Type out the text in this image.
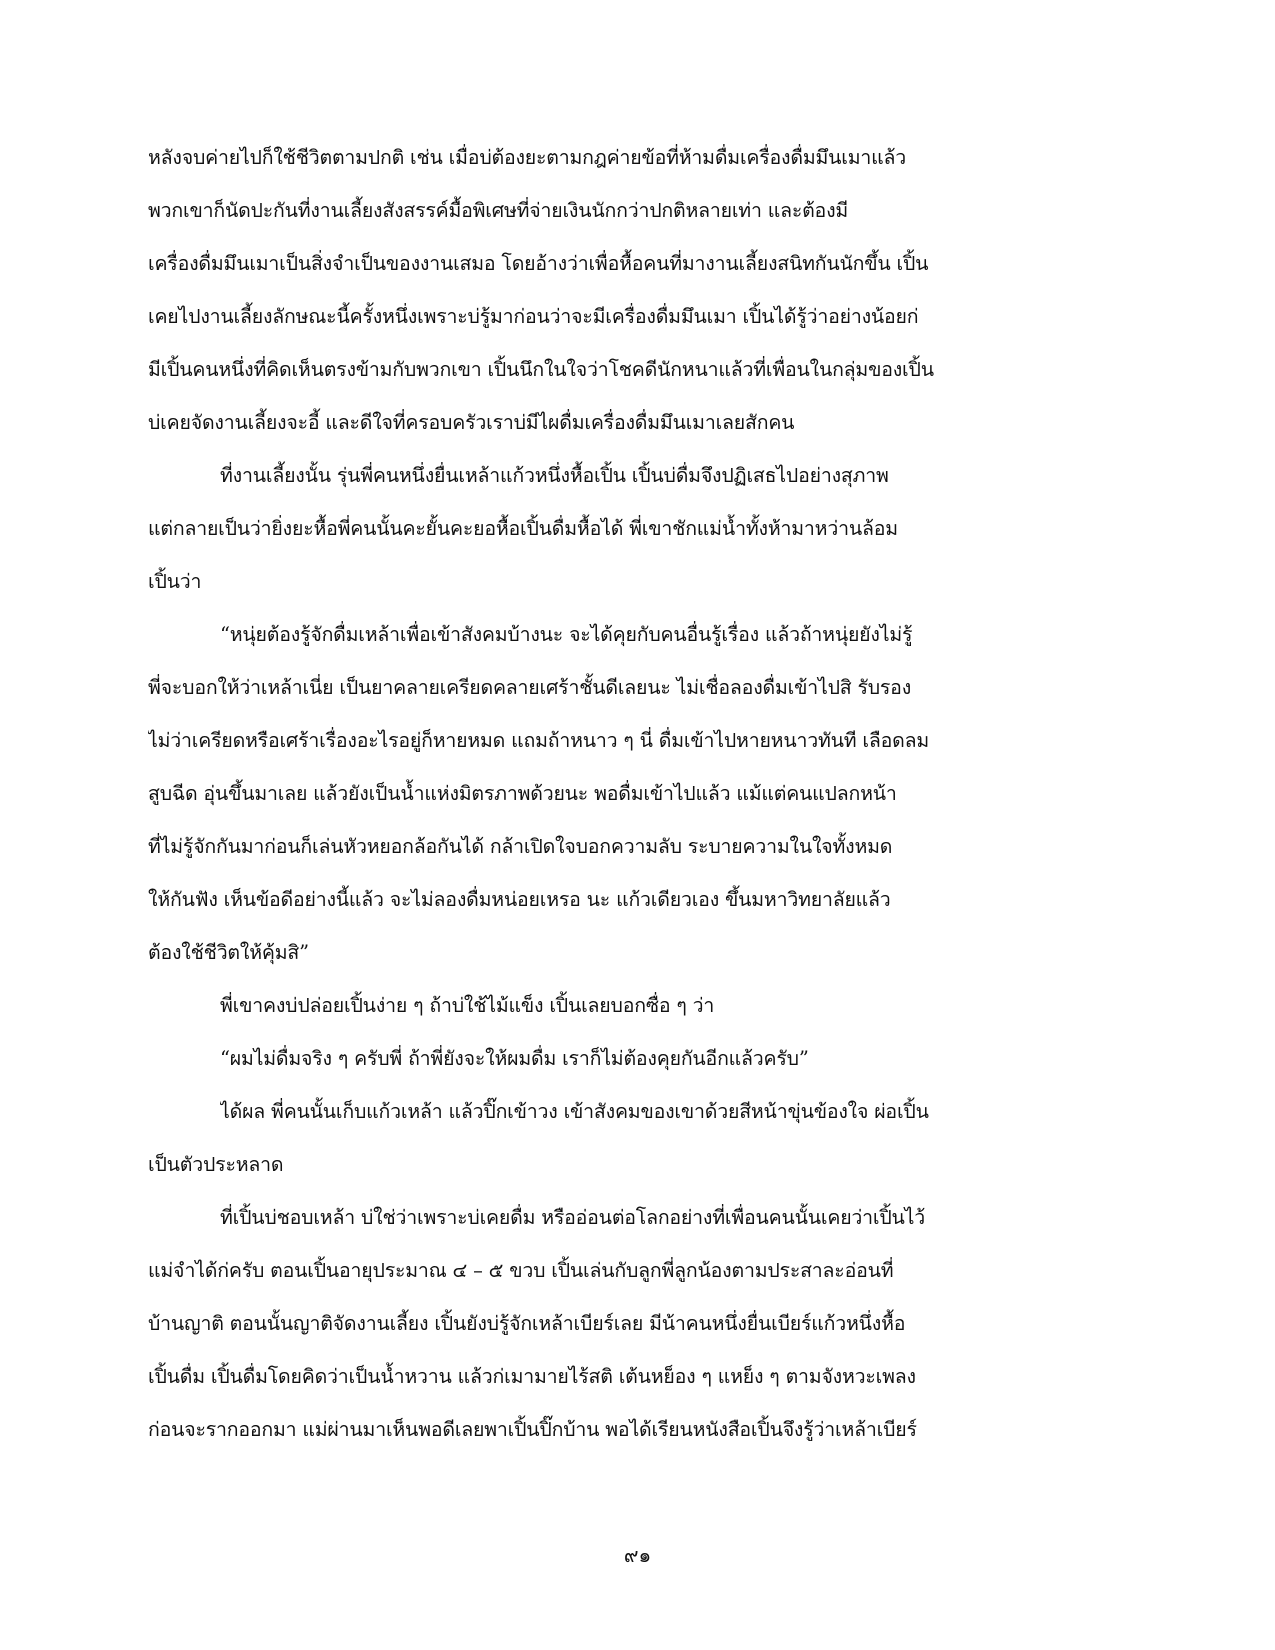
หลังจบค่ายไปก็ใช้ชีวิตตามปกติ เช่น เมื่อบ่ต้องยะตามกฎค่ายข้อที่ห้ามดื่มเครื่องดื่มมึนเมาแล้ว
พวกเขาก็นัดปะกันที่งานเลี้ยงสังสรรค์มื้อพิเศษที่จ่ายเงินนักกว่าปกติหลายเท่า และต้องมี
เครื่องดื่มมึนเมาเป็นสิ่งจำเป็นของงานเสมอ โดยอ้างว่าเพื่อหื้อคนที่มางานเลี้ยงสนิทกันนักขึ้น เปิ้น
เคยไปงานเลี้ยงลักษณะนี้ครั้งหนึ่งเพราะบ่รู้มาก่อนว่าจะมีเครื่องดื่มมึนเมา เปิ้นได้รู้ว่าอย่างน้อยก่
มีเปิ้นคนหนึ่งที่คิดเห็นตรงข้ามกับพวกเขา เปิ้นนึกในใจว่าโชคดีนักหนาแล้วที่เพื่อนในกลุ่มของเปิ้น
บ่เคยจัดงานเลี้ยงจะอี้ และดีใจที่ครอบครัวเราบ่มีไผดื่มเครื่องดื่มมึนเมาเลยสักคน
ที่งานเลี้ยงนั้น รุ่นพี่คนหนึ่งยื่นเหล้าแก้วหนึ่งหื้อเปิ้น เปิ้นบ่ดื่มจึงปฏิเสธไปอย่างสุภาพ
แต่กลายเป็นว่ายิ่งยะหื้อพี่คนนั้นคะยั้นคะยอหื้อเปิ้นดื่มหื้อได้ พี่เขาชักแม่น้ำทั้งห้ามาหว่านล้อม
เปิ้นว่า
“หนุ่ยต้องรู้จักดื่มเหล้าเพื่อเข้าสังคมบ้างนะ จะได้คุยกับคนอื่นรู้เรื่อง แล้วถ้าหนุ่ยยังไม่รู้
พี่จะบอกให้ว่าเหล้าเนี่ย เป็นยาคลายเครียดคลายเศร้าชั้นดีเลยนะ ไม่เชื่อลองดื่มเข้าไปสิ รับรอง
ไม่ว่าเครียดหรือเศร้าเรื่องอะไรอยู่ก็หายหมด แถมถ้าหนาว ๆ นี่ ดื่มเข้าไปหายหนาวทันที เลือดลม
สูบฉีด อุ่นขึ้นมาเลย แล้วยังเป็นน้ำแห่งมิตรภาพด้วยนะ พอดื่มเข้าไปแล้ว แม้แต่คนแปลกหน้า
ที่ไม่รู้จักกันมาก่อนก็เล่นหัวหยอกล้อกันได้ กล้าเปิดใจบอกความลับ ระบายความในใจทั้งหมด
ให้กันฟัง เห็นข้อดีอย่างนี้แล้ว จะไม่ลองดื่มหน่อยเหรอ นะ แก้วเดียวเอง ขึ้นมหาวิทยาลัยแล้ว
ต้องใช้ชีวิตให้คุ้มสิ”
พี่เขาคงบ่ปล่อยเปิ้นง่าย ๆ ถ้าบ่ใช้ไม้แข็ง เปิ้นเลยบอกซื่อ ๆ ว่า
“ผมไม่ดื่มจริง ๆ ครับพี่ ถ้าพี่ยังจะให้ผมดื่ม เราก็ไม่ต้องคุยกันอีกแล้วครับ”
ได้ผล พี่คนนั้นเก็บแก้วเหล้า แล้วปิ๊กเข้าวง เข้าสังคมของเขาด้วยสีหน้าขุ่นข้องใจ ผ่อเปิ้น
เป็นตัวประหลาด
ที่เปิ้นบ่ชอบเหล้า บ่ใช่ว่าเพราะบ่เคยดื่ม หรืออ่อนต่อโลกอย่างที่เพื่อนคนนั้นเคยว่าเปิ้นไว้
แม่จำได้ก่ครับ ตอนเปิ้นอายุประมาณ ๔ – ๕ ขวบ เปิ้นเล่นกับลูกพี่ลูกน้องตามประสาละอ่อนที่
บ้านญาติ ตอนนั้นญาติจัดงานเลี้ยง เปิ้นยังบ่รู้จักเหล้าเบียร์เลย มีน้าคนหนึ่งยื่นเบียร์แก้วหนึ่งหื้อ
เปิ้นดื่ม เปิ้นดื่มโดยคิดว่าเป็นน้ำหวาน แล้วก่เมามายไร้สติ เต้นหย็อง ๆ แหย็ง ๆ ตามจังหวะเพลง
ก่อนจะรากออกมา แม่ผ่านมาเห็นพอดีเลยพาเปิ้นปิ๊กบ้าน พอได้เรียนหนังสือเปิ้นจึงรู้ว่าเหล้าเบียร์
๙๑
